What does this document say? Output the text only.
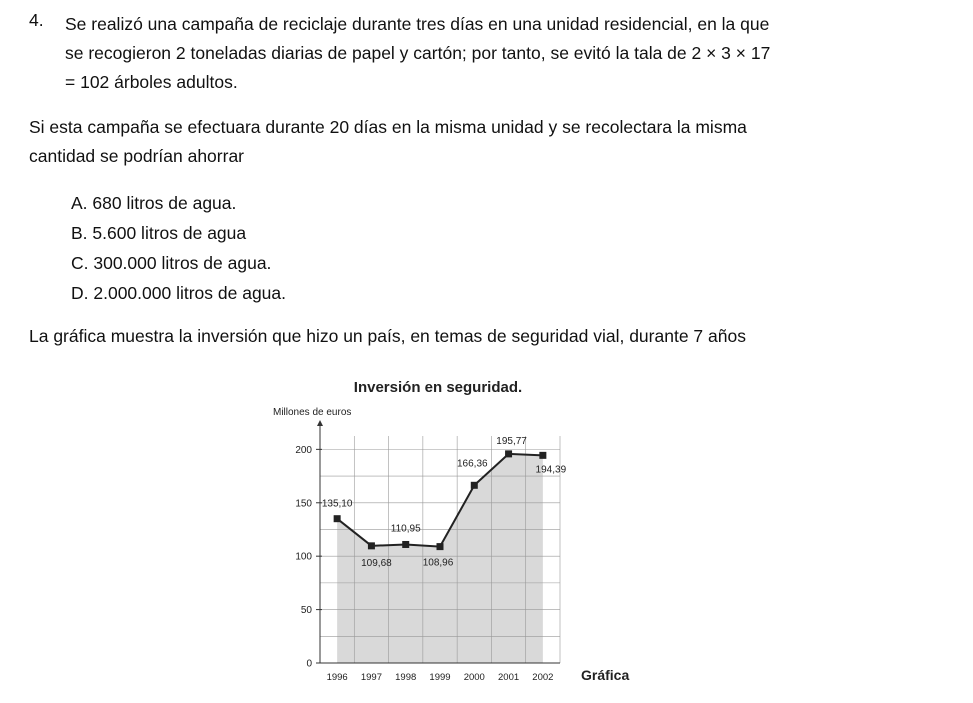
4. Se realizó una campaña de reciclaje durante tres días en una unidad residencial, en la que
se recogieron 2 toneladas diarias de papel y cartón; por tanto, se evitó la tala de 2 × 3 × 17
= 102 árboles adultos.
Si esta campaña se efectuara durante 20 días en la misma unidad y se recolectara la misma
cantidad se podrían ahorrar
A. 680 litros de agua.
B. 5.600 litros de agua
C. 300.000 litros de agua.
D. 2.000.000 litros de agua.
La gráfica muestra la inversión que hizo un país, en temas de seguridad vial, durante 7 años
Inversión en seguridad.
Millones de euros
Gráfica
0
50
100
150
200
1996 1997 1998 1999 2000 2001 2002
135,10
109,68
110,95
108,96
166,36
195,77
194,39
